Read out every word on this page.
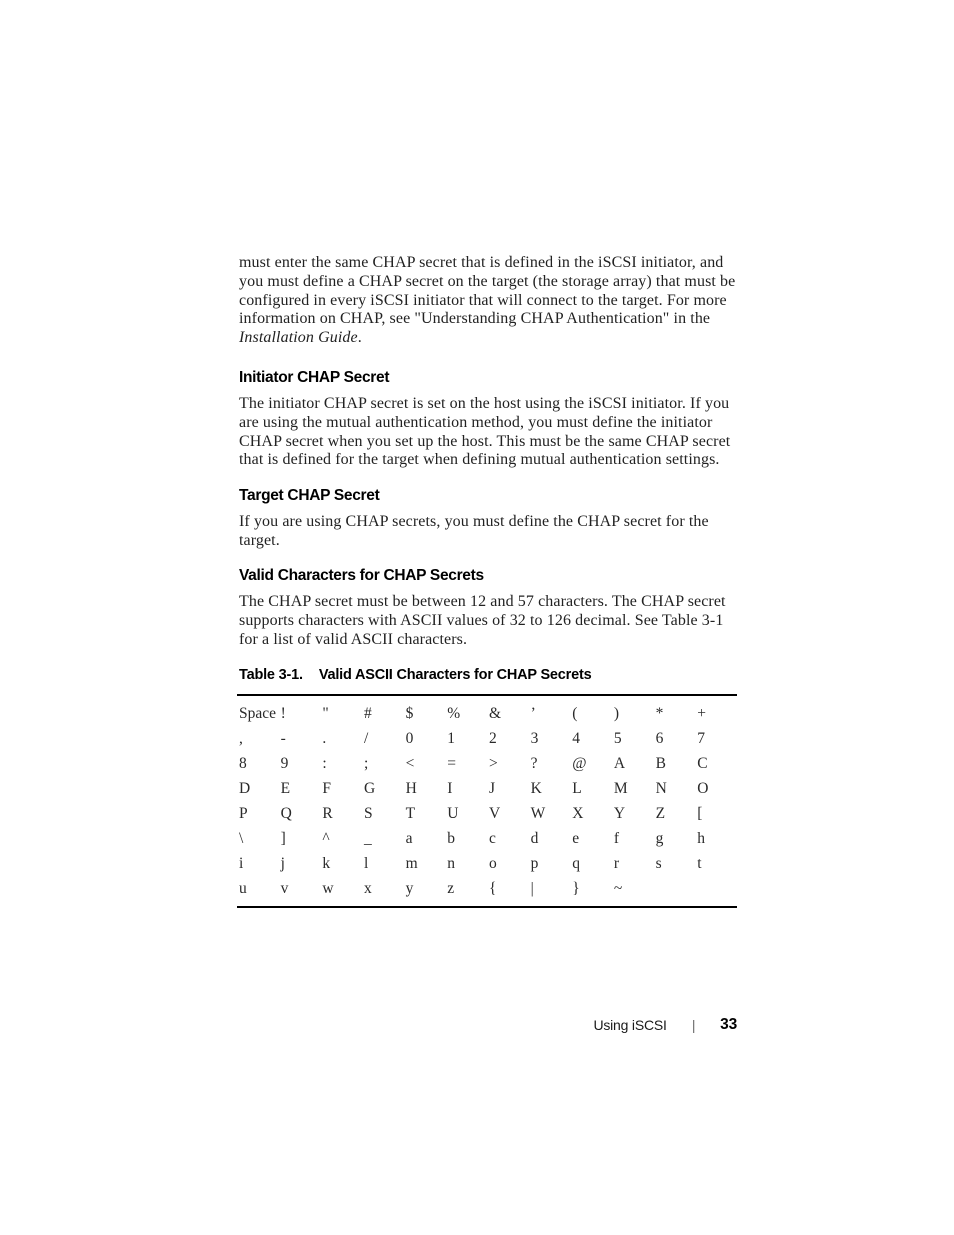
must enter the same CHAP secret that is defined in the iSCSI initiator, and you must define a CHAP secret on the target (the storage array) that must be configured in every iSCSI initiator that will connect to the target. For more information on CHAP, see "Understanding CHAP Authentication" in the Installation Guide.

Initiator CHAP Secret

The initiator CHAP secret is set on the host using the iSCSI initiator. If you are using the mutual authentication method, you must define the initiator CHAP secret when you set up the host. This must be the same CHAP secret that is defined for the target when defining mutual authentication settings.

Target CHAP Secret

If you are using CHAP secrets, you must define the CHAP secret for the target.

Valid Characters for CHAP Secrets

The CHAP secret must be between 12 and 57 characters. The CHAP secret supports characters with ASCII values of 32 to 126 decimal. See Table 3-1 for a list of valid ASCII characters.

Table 3-1. Valid ASCII Characters for CHAP Secrets
Space	!	"	#	$	%	&	’	(	)	*	+
,	-	.	/	0	1	2	3	4	5	6	7
8	9	:	;	<	=	>	?	@	A	B	C
D	E	F	G	H	I	J	K	L	M	N	O
P	Q	R	S	T	U	V	W	X	Y	Z	[
\	]	^	_	a	b	c	d	e	f	g	h
i	j	k	l	m	n	o	p	q	r	s	t
u	v	w	x	y	z	{	|	}	~		
Using iSCSI | 33
